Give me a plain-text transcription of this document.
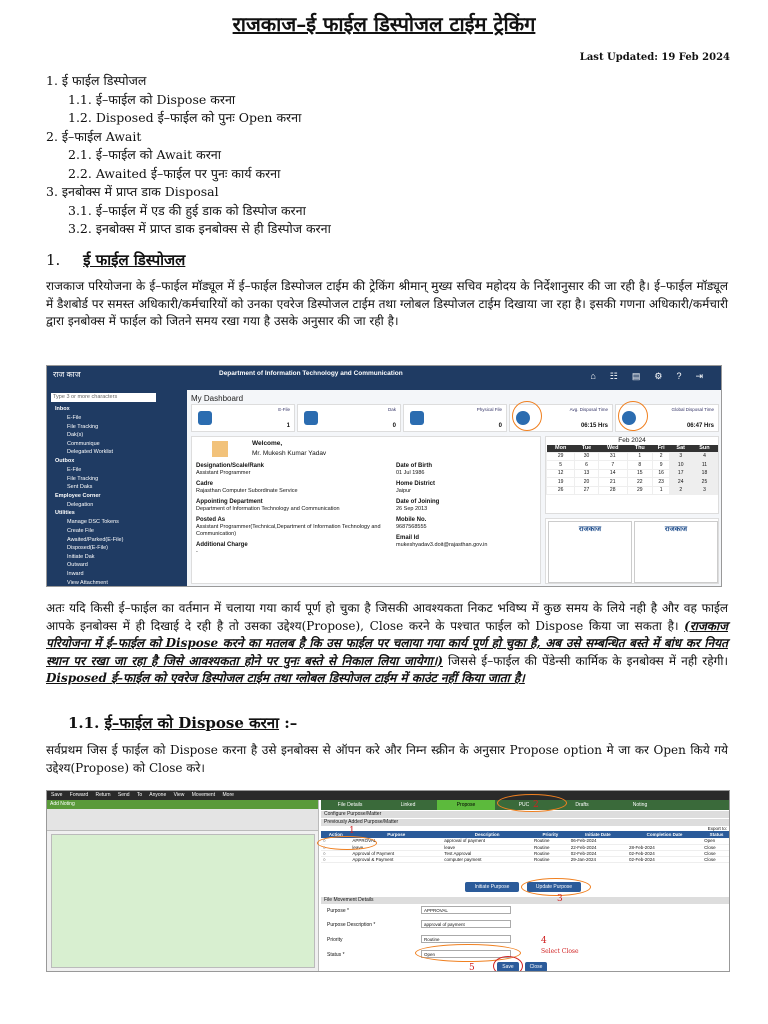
राजकाज–ई फाईल डिस्पोजल टाईम ट्रेकिंग
Last Updated: 19 Feb 2024
1. ई फाईल डिस्पोजल
1.1. ई–फाईल को Dispose करना
1.2. Disposed ई–फाईल को पुनः Open करना
2. ई–फाईल Await
2.1. ई–फाईल को Await करना
2.2. Awaited ई–फाईल पर पुनः कार्य करना
3. इनबोक्स में प्राप्त डाक Disposal
3.1. ई–फाईल में एड की हुई डाक को डिस्पोज करना
3.2. इनबोक्स में प्राप्त डाक इनबोक्स से ही डिस्पोज करना
1. ई फाईल डिस्पोजल
राजकाज परियोजना के ई–फाईल मॉड्यूल में ई–फाईल डिस्पोजल टाईम की ट्रेकिंग श्रीमान् मुख्य सचिव महोदय के निर्देशानुसार की जा रही है। ई–फाईल मॉड्यूल में डैशबोर्ड पर समस्त अधिकारी/कर्मचारियों को उनका एवरेज डिस्पोजल टाईम तथा ग्लोबल डिस्पोजल टाईम दिखाया जा रहा है। इसकी गणना अधिकारी/कर्मचारी द्वारा इनबोक्स में फाईल को जितने समय रखा गया है उसके अनुसार की जा रही है।
राज काज	Department of Information Technology and Communication	⌂☷▤⚙?⇥
Type 3 or more characters
Inbox
E-File
File Tracking
Dak(s)
Communique
Delegated Worklist
Outbox
E-File
File Tracking
Sent Daks
Employee Corner
Delegation
Utilities
Manage DSC Tokens
Create File
Awaited/Parked(E-File)
Disposed(E-File)
Initiate Dak
Outward
Inward
View Attachment
My Dashboard
E-File
1
Dak
0
Physical File
0
Avg. Disposal Time
06:15 Hrs
Global Disposal Time
06:47 Hrs
Welcome,
Mr. Mukesh Kumar Yadav
Designation/Scale/Rank
Assistant Programmer
Cadre
Rajasthan Computer Subordinate Service
Appointing Department
Department of Information Technology and Communication
Posted As
Assistant Programmer(Technical,Department of Information Technology and Communication)
Additional Charge
-
Date of Birth
01 Jul 1986
Home District
Jaipur
Date of Joining
26 Sep 2013
Mobile No.
9687568555
Email Id
mukeshyadav3.doit@rajasthan.gov.in
Feb 2024
Mon	Tue	Wed	Thu	Fri	Sat	Sun
29	30	31	1	2	3	4
5	6	7	8	9	10	11
12	13	14	15	16	17	18
19	20	21	22	23	24	25
26	27	28	29	1	2	3
राजकाज	राजकाज
अतः यदि किसी ई–फाईल का वर्तमान में चलाया गया कार्य पूर्ण हो चुका है जिसकी आवश्यकता निकट भविष्य में कुछ समय के लिये नही है और वह फाईल आपके इनबोक्स में ही दिखाई दे रही है तो उसका उद्देश्य(Propose), Close करने के पश्चात फाईल को Dispose किया जा सकता है। (राजकाज परियोजना में ई–फाईल को Dispose करने का मतलब है कि उस फाईल पर चलाया गया कार्य पूर्ण हो चुका है, अब उसे सम्बन्धित बस्ते में बांध कर नियत स्थान पर रखा जा रहा है जिसे आवश्यकता होने पर पुनः बस्ते से निकाल लिया जायेगा।) जिससे ई–फाईल की पेंडेन्सी कार्मिक के इनबोक्स में नही रहेगी। Disposed ई–फाईल को एवरेज डिस्पोजल टाईम तथा ग्लोबल डिस्पोजल टाईम में काउंट नहीं किया जाता है।
1.1. ई–फाईल को Dispose करना :–
सर्वप्रथम जिस ई फाईल को Dispose करना है उसे इनबोक्स से ऑपन करे और निम्न स्क्रीन के अनुसार Propose option मे जा कर Open किये गये उद्देश्य(Propose) को Close करे।
Save Forward Return Send To Anyone View Movement More
Add Noting	File Details	Linked	Propose	PUC	Drafts	Noting
Configure Purpose/Matter
Previously Added Purpose/Matter
Export to:
Action	Purpose	Description	Priority	Initiate Date	Completion Date	Status
○	APPROVAL	approval of payment	Routine	06-Feb-2024		Open
○	leave	leave	Routine	22-Feb-2024	28-Feb-2024	Close
○	Approval of Payment	Test Approval	Routine	02-Feb-2024	02-Feb-2024	Close
○	Approval & Payment	computer payment	Routine	29-Jan-2024	02-Feb-2024	Close
Initiate Purpose	Update Purpose
File Movement Details
Purpose *	APPROVAL
Purpose Description *	approval of payment
Priority	Routine
Status *	Open
Save	Close
1
2
3
4
Select Close
5
